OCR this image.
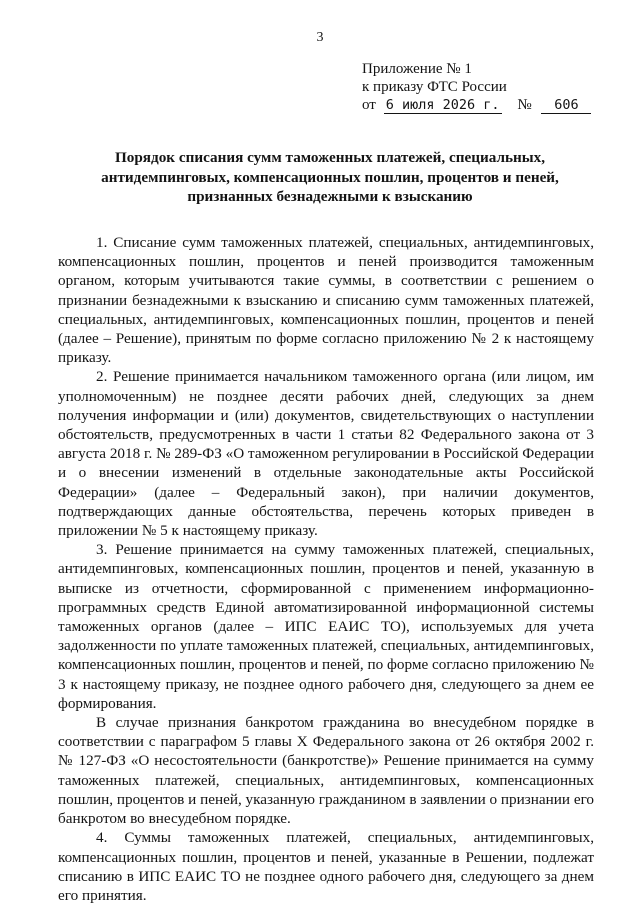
3
Приложение № 1
к приказу ФТС России
от 6 июля 2026 г. № 606
Порядок списания сумм таможенных платежей, специальных, антидемпинговых, компенсационных пошлин, процентов и пеней, признанных безнадежными к взысканию

1. Списание сумм таможенных платежей, специальных, антидемпинговых, компенсационных пошлин, процентов и пеней производится таможенным органом, которым учитываются такие суммы, в соответствии с решением о признании безнадежными к взысканию и списанию сумм таможенных платежей, специальных, антидемпинговых, компенсационных пошлин, процентов и пеней (далее – Решение), принятым по форме согласно приложению № 2 к настоящему приказу.

2. Решение принимается начальником таможенного органа (или лицом, им уполномоченным) не позднее десяти рабочих дней, следующих за днем получения информации и (или) документов, свидетельствующих о наступлении обстоятельств, предусмотренных в части 1 статьи 82 Федерального закона от 3 августа 2018 г. № 289-ФЗ «О таможенном регулировании в Российской Федерации и о внесении изменений в отдельные законодательные акты Российской Федерации» (далее – Федеральный закон), при наличии документов, подтверждающих данные обстоятельства, перечень которых приведен в приложении № 5 к настоящему приказу.

3. Решение принимается на сумму таможенных платежей, специальных, антидемпинговых, компенсационных пошлин, процентов и пеней, указанную в выписке из отчетности, сформированной с применением информационно-программных средств Единой автоматизированной информационной системы таможенных органов (далее – ИПС ЕАИС ТО), используемых для учета задолженности по уплате таможенных платежей, специальных, антидемпинговых, компенсационных пошлин, процентов и пеней, по форме согласно приложению № 3 к настоящему приказу, не позднее одного рабочего дня, следующего за днем ее формирования.

В случае признания банкротом гражданина во внесудебном порядке в соответствии с параграфом 5 главы X Федерального закона от 26 октября 2002 г. № 127-ФЗ «О несостоятельности (банкротстве)» Решение принимается на сумму таможенных платежей, специальных, антидемпинговых, компенсационных пошлин, процентов и пеней, указанную гражданином в заявлении о признании его банкротом во внесудебном порядке.

4. Суммы таможенных платежей, специальных, антидемпинговых, компенсационных пошлин, процентов и пеней, указанные в Решении, подлежат списанию в ИПС ЕАИС ТО не позднее одного рабочего дня, следующего за днем его принятия.
